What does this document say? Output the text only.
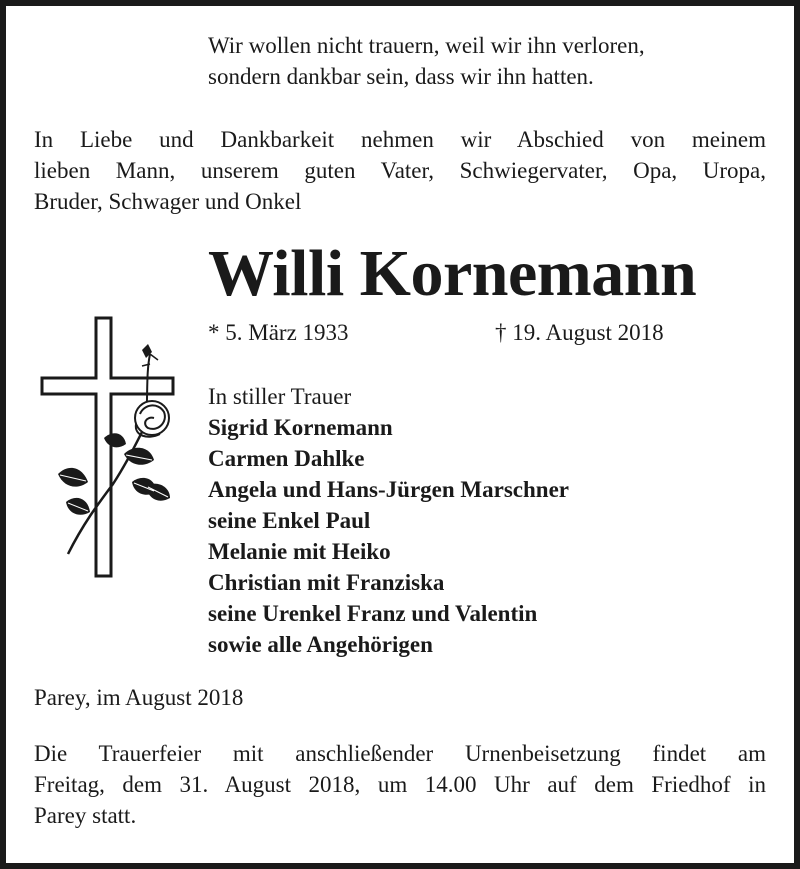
Wir wollen nicht trauern, weil wir ihn verloren,
sondern dankbar sein, dass wir ihn hatten.
In Liebe und Dankbarkeit nehmen wir Abschied von meinem
lieben Mann, unserem guten Vater, Schwiegervater, Opa, Uropa,
Bruder, Schwager und Onkel
Willi Kornemann
* 5. März 1933	† 19. August 2018
In stiller Trauer
Sigrid Kornemann
Carmen Dahlke
Angela und Hans-Jürgen Marschner
seine Enkel Paul
Melanie mit Heiko
Christian mit Franziska
seine Urenkel Franz und Valentin
sowie alle Angehörigen
Parey, im August 2018
Die Trauerfeier mit anschließender Urnenbeisetzung findet am
Freitag, dem 31. August 2018, um 14.00 Uhr auf dem Friedhof in
Parey statt.
